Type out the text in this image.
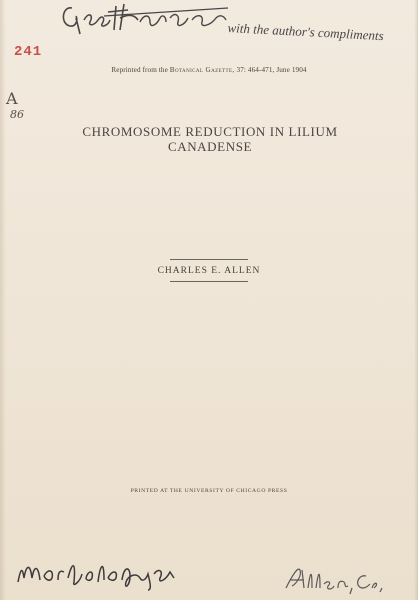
with the author's compliments
241
A
86
Reprinted from the Botanical Gazette, 37: 464-471, June 1904
CHROMOSOME REDUCTION IN LILIUM
CANADENSE
CHARLES E. ALLEN
PRINTED AT THE UNIVERSITY OF CHICAGO PRESS
